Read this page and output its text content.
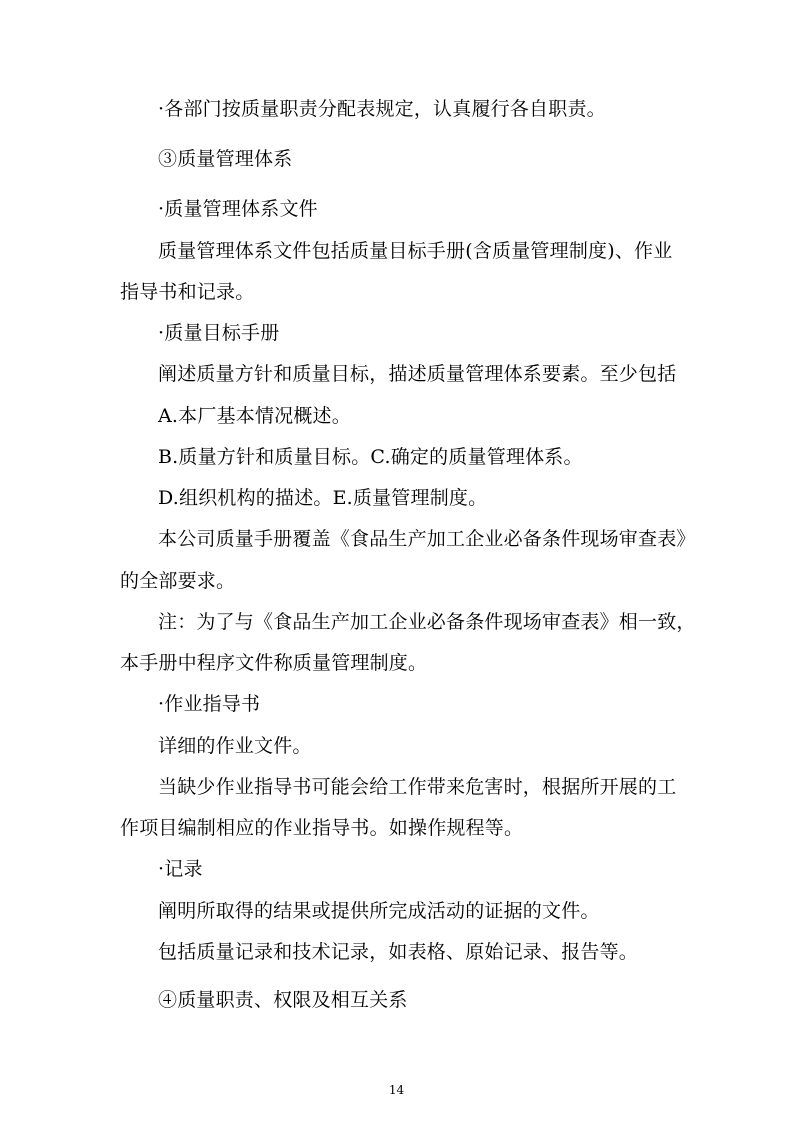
·各部门按质量职责分配表规定，认真履行各自职责。
③质量管理体系
·质量管理体系文件
质量管理体系文件包括质量目标手册(含质量管理制度)、作业
指导书和记录。
·质量目标手册
阐述质量方针和质量目标，描述质量管理体系要素。至少包括
A.本厂基本情况概述。
B.质量方针和质量目标。C.确定的质量管理体系。
D.组织机构的描述。E.质量管理制度。
本公司质量手册覆盖《食品生产加工企业必备条件现场审查表》
的全部要求。
注：为了与《食品生产加工企业必备条件现场审查表》相一致，
本手册中程序文件称质量管理制度。
·作业指导书
详细的作业文件。
当缺少作业指导书可能会给工作带来危害时，根据所开展的工
作项目编制相应的作业指导书。如操作规程等。
·记录
阐明所取得的结果或提供所完成活动的证据的文件。
包括质量记录和技术记录，如表格、原始记录、报告等。
④质量职责、权限及相互关系
14
